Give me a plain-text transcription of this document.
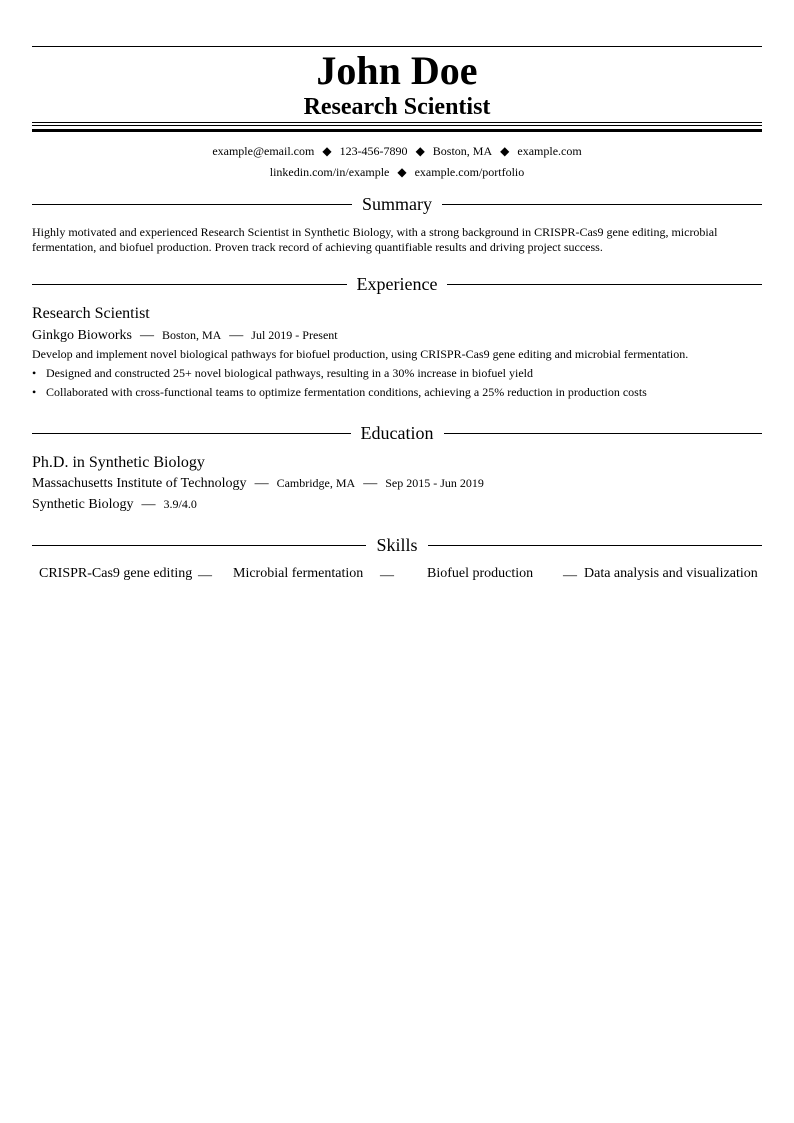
John Doe
Research Scientist
example@email.com ◆ 123-456-7890 ◆ Boston, MA ◆ example.com
linkedin.com/in/example ◆ example.com/portfolio
Summary
Highly motivated and experienced Research Scientist in Synthetic Biology, with a strong background in CRISPR-Cas9 gene editing, microbial fermentation, and biofuel production. Proven track record of achieving quantifiable results and driving project success.
Experience
Research Scientist
Ginkgo Bioworks — Boston, MA — Jul 2019 - Present
Develop and implement novel biological pathways for biofuel production, using CRISPR-Cas9 gene editing and microbial fermentation.
• Designed and constructed 25+ novel biological pathways, resulting in a 30% increase in biofuel yield
• Collaborated with cross-functional teams to optimize fermentation conditions, achieving a 25% reduction in production costs
Education
Ph.D. in Synthetic Biology
Massachusetts Institute of Technology — Cambridge, MA — Sep 2015 - Jun 2019
Synthetic Biology — 3.9/4.0
Skills
CRISPR-Cas9 gene editing — Microbial fermentation — Biofuel production — Data analysis and visualization
